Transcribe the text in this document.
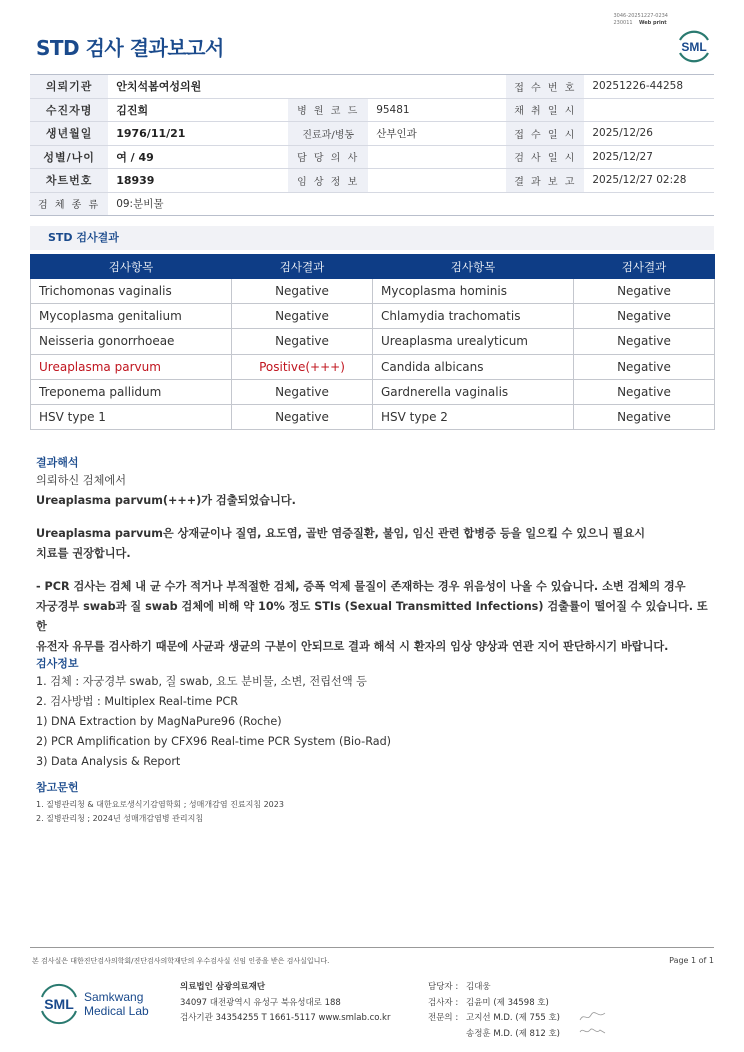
3046-20251227-0234
230011 Web print
STD 검사 결과보고서	SML
의뢰기관	안치석봄여성의원			접 수 번 호	20251226-44258
수진자명	김진희	병 원 코 드	95481	채 취 일 시	
생년월일	1976/11/21	진료과/병동	산부인과	접 수 일 시	2025/12/26
성별/나이	여 / 49	담 당 의 사		검 사 일 시	2025/12/27
차트번호	18939	임 상 정 보		결 과 보 고	2025/12/27 02:28
검 체 종 류	09:분비물				
STD 검사결과
검사항목	검사결과	검사항목	검사결과
Trichomonas vaginalis	Negative	Mycoplasma hominis	Negative
Mycoplasma genitalium	Negative	Chlamydia trachomatis	Negative
Neisseria gonorrhoeae	Negative	Ureaplasma urealyticum	Negative
Ureaplasma parvum	Positive(+++)	Candida albicans	Negative
Treponema pallidum	Negative	Gardnerella vaginalis	Negative
HSV type 1	Negative	HSV type 2	Negative
결과해석
의뢰하신 검체에서
Ureaplasma parvum(+++)가 검출되었습니다.
Ureaplasma parvum은 상재균이나 질염, 요도염, 골반 염증질환, 불임, 임신 관련 합병증 등을 일으킬 수 있으니 필요시
치료를 권장합니다.
- PCR 검사는 검체 내 균 수가 적거나 부적절한 검체, 증폭 억제 물질이 존재하는 경우 위음성이 나올 수 있습니다. 소변 검체의 경우
자궁경부 swab과 질 swab 검체에 비해 약 10% 정도 STIs (Sexual Transmitted Infections) 검출률이 떨어질 수 있습니다. 또한
유전자 유무를 검사하기 때문에 사균과 생균의 구분이 안되므로 결과 해석 시 환자의 임상 양상과 연관 지어 판단하시기 바랍니다.
검사정보
1. 검체 : 자궁경부 swab, 질 swab, 요도 분비물, 소변, 전립선액 등
2. 검사방법 : Multiplex Real-time PCR
1) DNA Extraction by MagNaPure96 (Roche)
2) PCR Amplification by CFX96 Real-time PCR System (Bio-Rad)
3) Data Analysis & Report
참고문헌
1. 질병관리청 & 대한요로생식기감염학회 ; 성매개감염 진료지침 2023
2. 질병관리청 ; 2024년 성매개감염병 관리지침
본 검사실은 대한진단검사의학회/진단검사의학재단의 우수검사실 신임 인증을 받은 검사실입니다.	Page 1 of 1
SML Samkwang
Medical Lab
의료법인 삼광의료재단
34097 대전광역시 유성구 북유성대로 188
검사기관 34354255 T 1661-5117 www.smlab.co.kr
담당자 : 김대웅
검사자 : 김윤미 (제 34598 호)
전문의 : 고지선 M.D. (제 755 호)
송정훈 M.D. (제 812 호)
